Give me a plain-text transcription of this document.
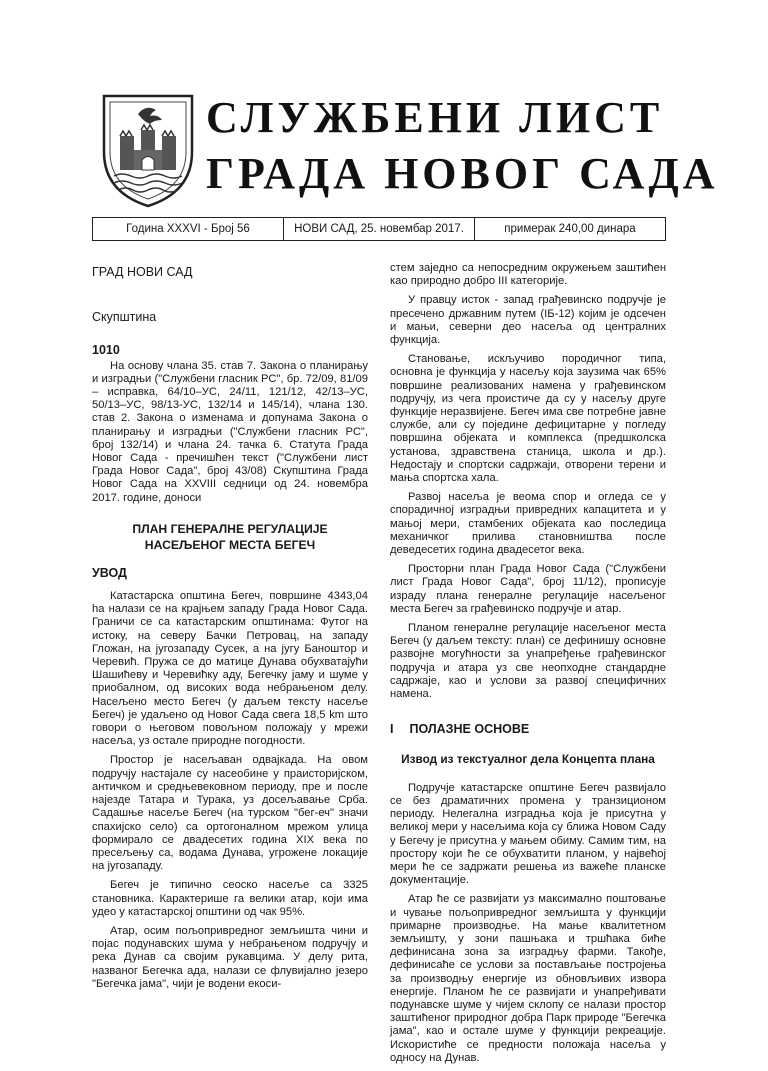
СЛУЖБЕНИ ЛИСТ
ГРАДА НОВОГ САДА
Година XXXVI - Број 56	НОВИ САД, 25. новембар 2017.	примерак 240,00 динара
ГРАД НОВИ САД
Скупштина
1010

На основу члана 35. став 7. Закона о планирању и изградњи ("Службени гласник РС", бр. 72/09, 81/09 – исправка, 64/10–УС, 24/11, 121/12, 42/13–УС, 50/13–УС, 98/13-УС, 132/14 и 145/14), члана 130. став 2. Закона о изменама и допунама Закона о планирању и изградњи ("Службени гласник РС", број 132/14) и члана 24. тачка 6. Статута Града Новог Сада - пречишћен текст ("Службени лист Града Новог Сада", број 43/08) Скупштина Града Новог Сада на XXVIII седници од 24. новембра 2017. године, доноси

ПЛАН ГЕНЕРАЛНЕ РЕГУЛАЦИЈЕ
НАСЕЉЕНОГ МЕСТА БЕГЕЧ
УВОД

Катастарска општина Бегеч, површине 4343,04 ha налази се на крајњем западу Града Новог Сада. Граничи се са катастарским општинама: Футог на истоку, на северу Бачки Петровац, на западу Гложан, на југозападу Сусек, а на југу Баноштор и Черевић. Пружа се до матице Дунава обухватајући Шашићеву и Черевићку аду, Бегечку јаму и шуме у приобалном, од високих вода небрањеном делу. Насељено место Бегеч (у даљем тексту насеље Бегеч) је удаљено од Новог Сада свега 18,5 km што говори о његовом повољном положају у мрежи насеља, уз остале природне погодности.

Простор је насељаван одвајкада. На овом подручју настајале су насеобине у праисторијском, античком и средњевековном периоду, пре и после најезде Татара и Турака, уз досељавање Срба. Садашње насеље Бегеч (на турском "бег-еч" значи спахијско село) са ортогоналном мрежом улица формирало се двадесетих година XIX века по пресељењу са, водама Дунава, угрожене локације на југозападу.

Бегеч је типично сеоско насеље са 3325 становника. Карактерише га велики атар, који има удео у катастарској општини од чак 95%.

Атар, осим пољопривредног земљишта чини и појас подунавских шума у небрањеном подручју и река Дунав са својим рукавцима. У делу рита, названог Бегечка ада, налази се флувијално језеро "Бегечка јама", чији је водени екоси-

стем заједно са непосредним окружењем заштићен као природно добро III категорије.

У правцу исток - запад грађевинско подручје је пресечено државним путем (IБ-12) којим је одсечен и мањи, северни део насеља од централних функција.

Становање, искључиво породичног типа, основна је функција у насељу која заузима чак 65% површине реализованих намена у грађевинском подручју, из чега проистиче да су у насељу друге функције неразвијене. Бегеч има све потребне јавне службе, али су поједине дефицитарне у погледу површина објеката и комплекса (предшколска установа, здравствена станица, школа и др.). Недостају и спортски садржаји, отворени терени и мања спортска хала.

Развој насеља је веома спор и огледа се у спорадичној изградњи привредних капацитета и у мањој мери, стамбених објеката као последица механичког прилива становништва после деведесетих година двадесетог века.

Просторни план Града Новог Сада ("Службени лист Града Новог Сада", број 11/12), прописује израду плана генералне регулације насељеног места Бегеч за грађевинско подручје и атар.

Планом генералне регулације насељеног места Бегеч (у даљем тексту: план) се дефинишу основне развојне могућности за унапређење грађевинског подручја и атара уз све неопходне стандардне садржаје, као и услови за развој специфичних намена.

I ПОЛАЗНЕ ОСНОВЕ
Извод из текстуалног дела Концепта плана

Подручје катастарске општине Бегеч развијало се без драматичних промена у транзиционом периоду. Нелегална изградња која је присутна у великој мери у насељима која су ближа Новом Саду у Бегечу је присутна у мањем обиму. Самим тим, на простору који ће се обухватити планом, у највећој мери ће се задржати решења из важеће планске документације.

Атар ће се развијати уз максимално поштовање и чување пољопривредног земљишта у функцији примарне производње. На мање квалитетном земљишту, у зони пашњака и тршћака биће дефинисана зона за изградњу фарми. Такође, дефинисаће се услови за постављање постројења за производњу енергије из обновљивих извора енергије. Планом ће се развијати и унапређивати подунавске шуме у чијем склопу се налази простор заштићеног природног добра Парк природе "Бегечка јама", као и остале шуме у функцији рекреације. Искористиће се предности положаја насеља у односу на Дунав.
